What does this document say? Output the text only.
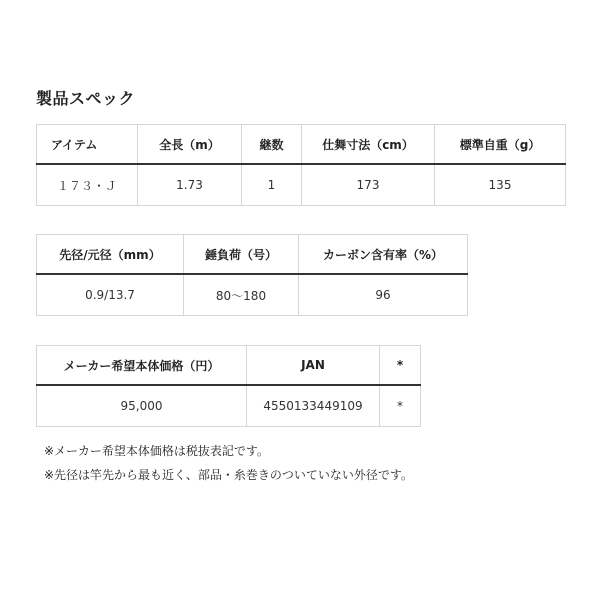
製品スペック
アイテム	全長（m）	継数	仕舞寸法（cm）	標準自重（g）
１７３・Ｊ	1.73	1	173	135
先径/元径（mm）	錘負荷（号）	カーボン含有率（%）
0.9/13.7	80～180	96
メーカー希望本体価格（円）	JAN	*
95,000	4550133449109	*
※メーカー希望本体価格は税抜表記です。
※先径は竿先から最も近く、部品・糸巻きのついていない外径です。
